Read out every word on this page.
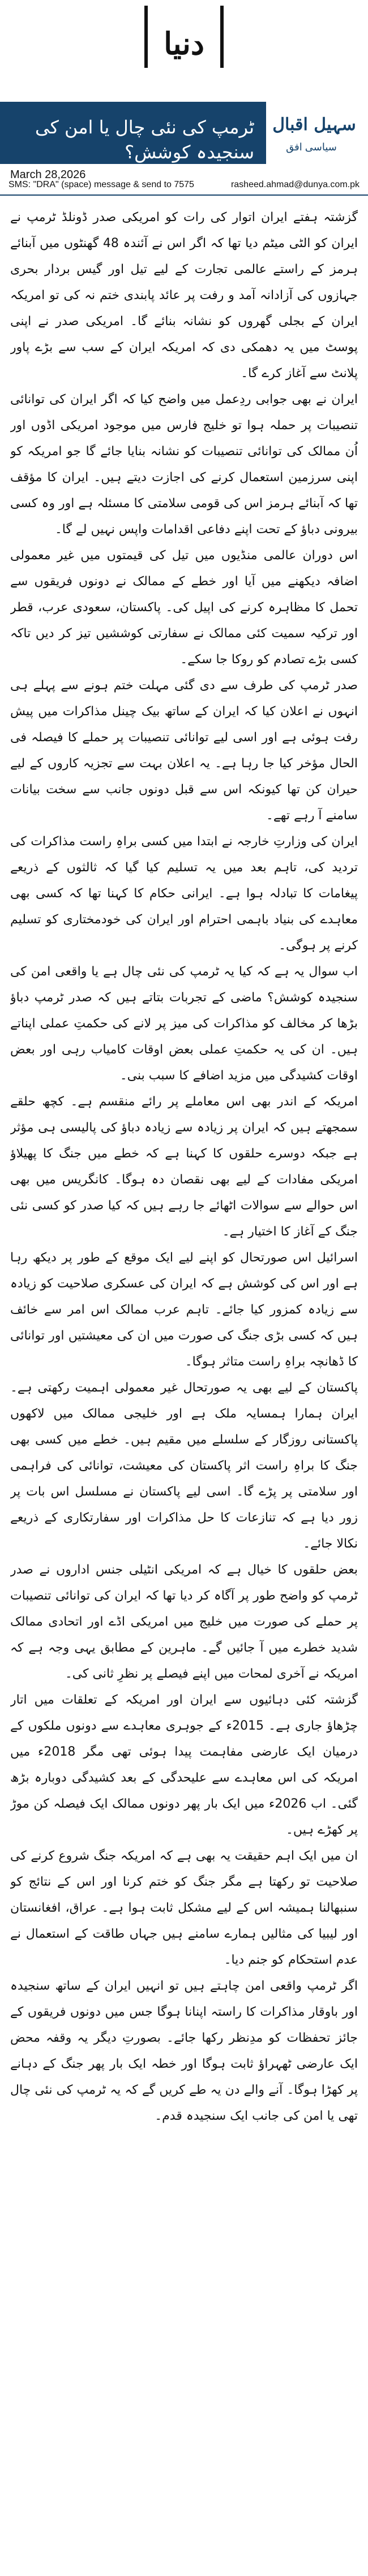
دنیا
ٹرمپ کی نئی چال یا امن کی سنجیدہ کوشش؟
March 28,2026
سہیل اقبال
سیاسی افق
SMS: "DRA" (space) message & send to 7575	rasheed.ahmad@dunya.com.pk

گزشتہ ہفتے ایران اتوار کی رات کو امریکی صدر ڈونلڈ ٹرمپ نے ایران کو الٹی میٹم دیا تھا کہ اگر اس نے آئندہ 48 گھنٹوں میں آبنائے ہرمز کے راستے عالمی تجارت کے لیے تیل اور گیس بردار بحری جہازوں کی آزادانہ آمد و رفت پر عائد پابندی ختم نہ کی تو امریکہ ایران کے بجلی گھروں کو نشانہ بنائے گا۔ امریکی صدر نے اپنی پوسٹ میں یہ دھمکی دی کہ امریکہ ایران کے سب سے بڑے پاور پلانٹ سے آغاز کرے گا۔

ایران نے بھی جوابی ردِعمل میں واضح کیا کہ اگر ایران کی توانائی تنصیبات پر حملہ ہوا تو خلیج فارس میں موجود امریکی اڈوں اور اُن ممالک کی توانائی تنصیبات کو نشانہ بنایا جائے گا جو امریکہ کو اپنی سرزمین استعمال کرنے کی اجازت دیتے ہیں۔ ایران کا مؤقف تھا کہ آبنائے ہرمز اس کی قومی سلامتی کا مسئلہ ہے اور وہ کسی بیرونی دباؤ کے تحت اپنے دفاعی اقدامات واپس نہیں لے گا۔

اس دوران عالمی منڈیوں میں تیل کی قیمتوں میں غیر معمولی اضافہ دیکھنے میں آیا اور خطے کے ممالک نے دونوں فریقوں سے تحمل کا مظاہرہ کرنے کی اپیل کی۔ پاکستان، سعودی عرب، قطر اور ترکیہ سمیت کئی ممالک نے سفارتی کوششیں تیز کر دیں تاکہ کسی بڑے تصادم کو روکا جا سکے۔

صدر ٹرمپ کی طرف سے دی گئی مہلت ختم ہونے سے پہلے ہی انہوں نے اعلان کیا کہ ایران کے ساتھ بیک چینل مذاکرات میں پیش رفت ہوئی ہے اور اسی لیے توانائی تنصیبات پر حملے کا فیصلہ فی الحال مؤخر کیا جا رہا ہے۔ یہ اعلان بہت سے تجزیہ کاروں کے لیے حیران کن تھا کیونکہ اس سے قبل دونوں جانب سے سخت بیانات سامنے آ رہے تھے۔

ایران کی وزارتِ خارجہ نے ابتدا میں کسی براہِ راست مذاکرات کی تردید کی، تاہم بعد میں یہ تسلیم کیا گیا کہ ثالثوں کے ذریعے پیغامات کا تبادلہ ہوا ہے۔ ایرانی حکام کا کہنا تھا کہ کسی بھی معاہدے کی بنیاد باہمی احترام اور ایران کی خودمختاری کو تسلیم کرنے پر ہوگی۔

اب سوال یہ ہے کہ کیا یہ ٹرمپ کی نئی چال ہے یا واقعی امن کی سنجیدہ کوشش؟ ماضی کے تجربات بتاتے ہیں کہ صدر ٹرمپ دباؤ بڑھا کر مخالف کو مذاکرات کی میز پر لانے کی حکمتِ عملی اپناتے ہیں۔ ان کی یہ حکمتِ عملی بعض اوقات کامیاب رہی اور بعض اوقات کشیدگی میں مزید اضافے کا سبب بنی۔

امریکہ کے اندر بھی اس معاملے پر رائے منقسم ہے۔ کچھ حلقے سمجھتے ہیں کہ ایران پر زیادہ سے زیادہ دباؤ کی پالیسی ہی مؤثر ہے جبکہ دوسرے حلقوں کا کہنا ہے کہ خطے میں جنگ کا پھیلاؤ امریکی مفادات کے لیے بھی نقصان دہ ہوگا۔ کانگریس میں بھی اس حوالے سے سوالات اٹھائے جا رہے ہیں کہ کیا صدر کو کسی نئی جنگ کے آغاز کا اختیار ہے۔

اسرائیل اس صورتحال کو اپنے لیے ایک موقع کے طور پر دیکھ رہا ہے اور اس کی کوشش ہے کہ ایران کی عسکری صلاحیت کو زیادہ سے زیادہ کمزور کیا جائے۔ تاہم عرب ممالک اس امر سے خائف ہیں کہ کسی بڑی جنگ کی صورت میں ان کی معیشتیں اور توانائی کا ڈھانچہ براہِ راست متاثر ہوگا۔

پاکستان کے لیے بھی یہ صورتحال غیر معمولی اہمیت رکھتی ہے۔ ایران ہمارا ہمسایہ ملک ہے اور خلیجی ممالک میں لاکھوں پاکستانی روزگار کے سلسلے میں مقیم ہیں۔ خطے میں کسی بھی جنگ کا براہِ راست اثر پاکستان کی معیشت، توانائی کی فراہمی اور سلامتی پر پڑے گا۔ اسی لیے پاکستان نے مسلسل اس بات پر زور دیا ہے کہ تنازعات کا حل مذاکرات اور سفارتکاری کے ذریعے نکالا جائے۔

بعض حلقوں کا خیال ہے کہ امریکی انٹیلی جنس اداروں نے صدر ٹرمپ کو واضح طور پر آگاہ کر دیا تھا کہ ایران کی توانائی تنصیبات پر حملے کی صورت میں خلیج میں امریکی اڈے اور اتحادی ممالک شدید خطرے میں آ جائیں گے۔ ماہرین کے مطابق یہی وجہ ہے کہ امریکہ نے آخری لمحات میں اپنے فیصلے پر نظرِ ثانی کی۔

گزشتہ کئی دہائیوں سے ایران اور امریکہ کے تعلقات میں اتار چڑھاؤ جاری ہے۔ 2015ء کے جوہری معاہدے سے دونوں ملکوں کے درمیان ایک عارضی مفاہمت پیدا ہوئی تھی مگر 2018ء میں امریکہ کی اس معاہدے سے علیحدگی کے بعد کشیدگی دوبارہ بڑھ گئی۔ اب 2026ء میں ایک بار پھر دونوں ممالک ایک فیصلہ کن موڑ پر کھڑے ہیں۔

ان میں ایک اہم حقیقت یہ بھی ہے کہ امریکہ جنگ شروع کرنے کی صلاحیت تو رکھتا ہے مگر جنگ کو ختم کرنا اور اس کے نتائج کو سنبھالنا ہمیشہ اس کے لیے مشکل ثابت ہوا ہے۔ عراق، افغانستان اور لیبیا کی مثالیں ہمارے سامنے ہیں جہاں طاقت کے استعمال نے عدم استحکام کو جنم دیا۔

اگر ٹرمپ واقعی امن چاہتے ہیں تو انہیں ایران کے ساتھ سنجیدہ اور باوقار مذاکرات کا راستہ اپنانا ہوگا جس میں دونوں فریقوں کے جائز تحفظات کو مدِنظر رکھا جائے۔ بصورتِ دیگر یہ وقفہ محض ایک عارضی ٹھہراؤ ثابت ہوگا اور خطہ ایک بار پھر جنگ کے دہانے پر کھڑا ہوگا۔ آنے والے دن یہ طے کریں گے کہ یہ ٹرمپ کی نئی چال تھی یا امن کی جانب ایک سنجیدہ قدم۔
